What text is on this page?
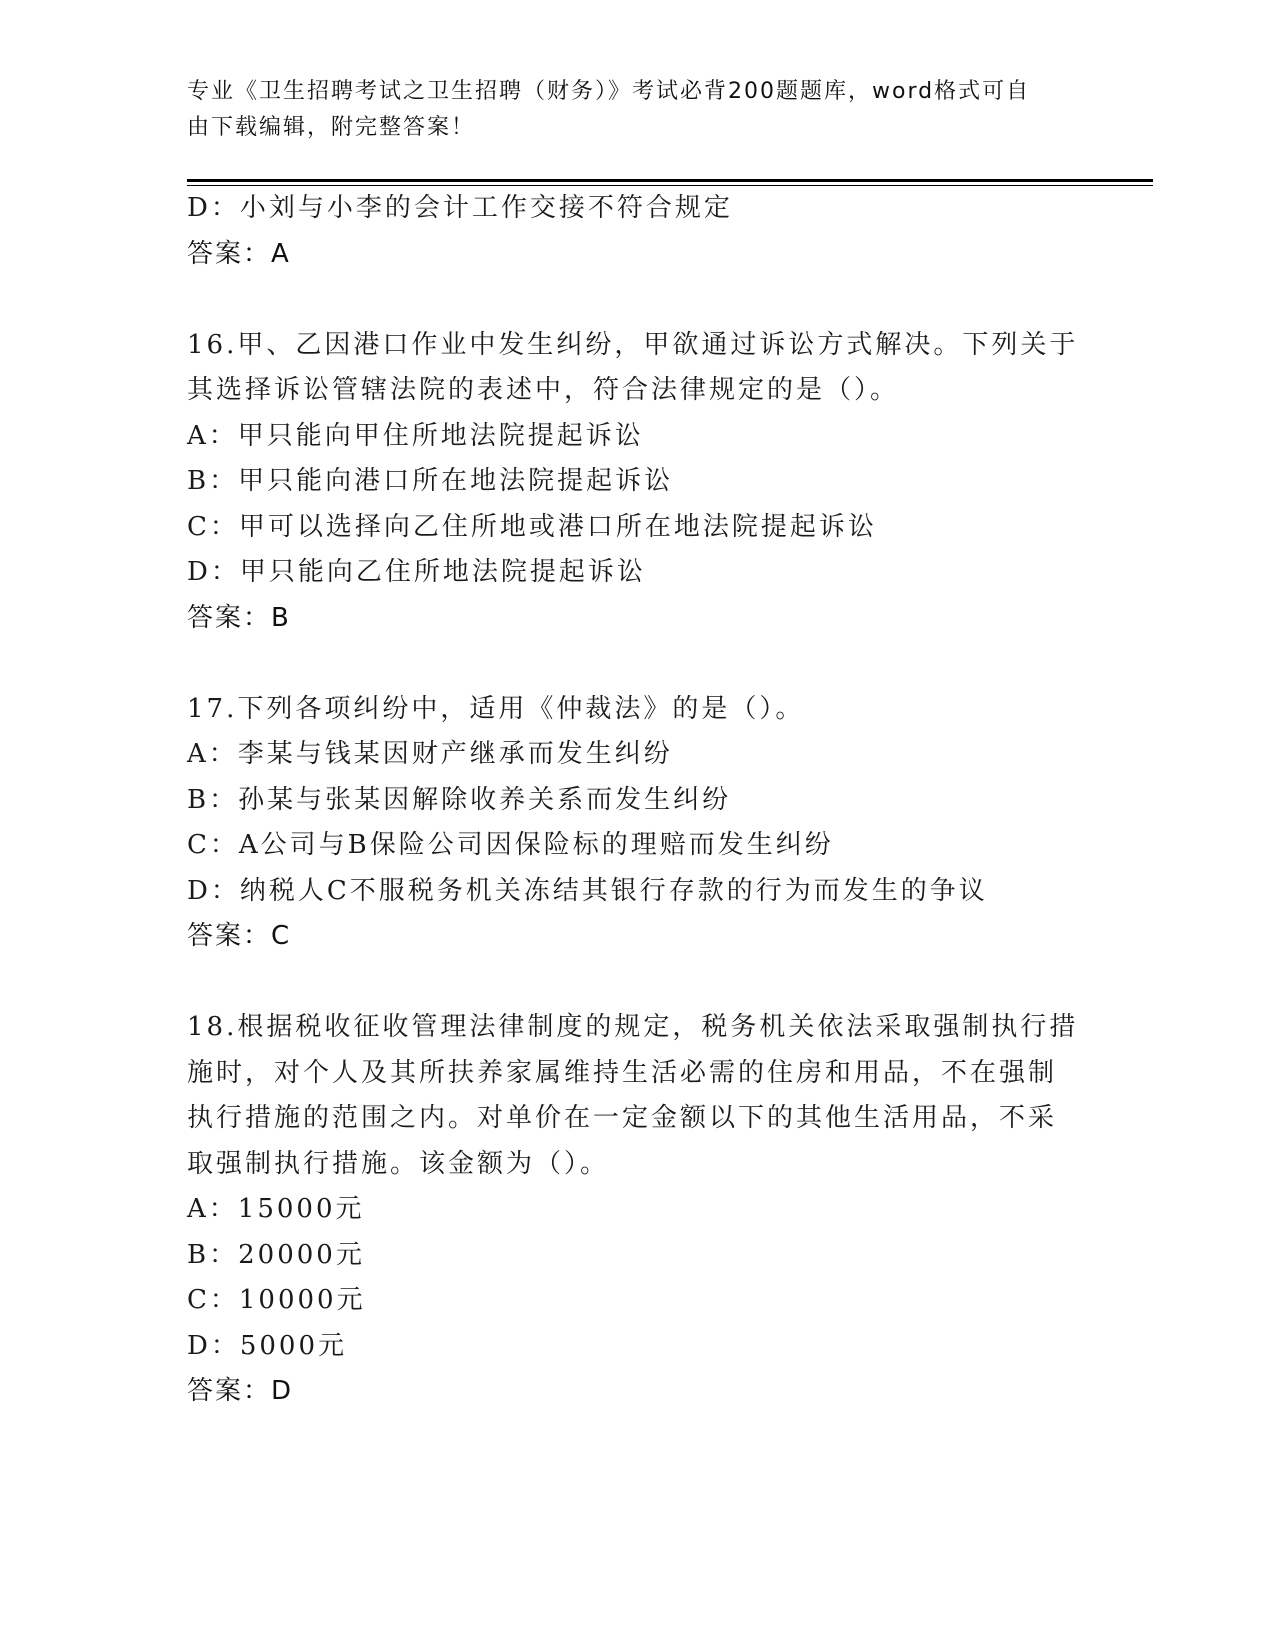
专业《卫生招聘考试之卫生招聘（财务）》考试必背200题题库，word格式可自
由下载编辑，附完整答案！
D：小刘与小李的会计工作交接不符合规定
答案：A
16.甲、乙因港口作业中发生纠纷，甲欲通过诉讼方式解决。下列关于
其选择诉讼管辖法院的表述中，符合法律规定的是（）。
A：甲只能向甲住所地法院提起诉讼
B：甲只能向港口所在地法院提起诉讼
C：甲可以选择向乙住所地或港口所在地法院提起诉讼
D：甲只能向乙住所地法院提起诉讼
答案：B
17.下列各项纠纷中，适用《仲裁法》的是（）。
A：李某与钱某因财产继承而发生纠纷
B：孙某与张某因解除收养关系而发生纠纷
C：A公司与B保险公司因保险标的理赔而发生纠纷
D：纳税人C不服税务机关冻结其银行存款的行为而发生的争议
答案：C
18.根据税收征收管理法律制度的规定，税务机关依法采取强制执行措
施时，对个人及其所扶养家属维持生活必需的住房和用品，不在强制
执行措施的范围之内。对单价在一定金额以下的其他生活用品，不采
取强制执行措施。该金额为（）。
A：15000元
B：20000元
C：10000元
D：5000元
答案：D
